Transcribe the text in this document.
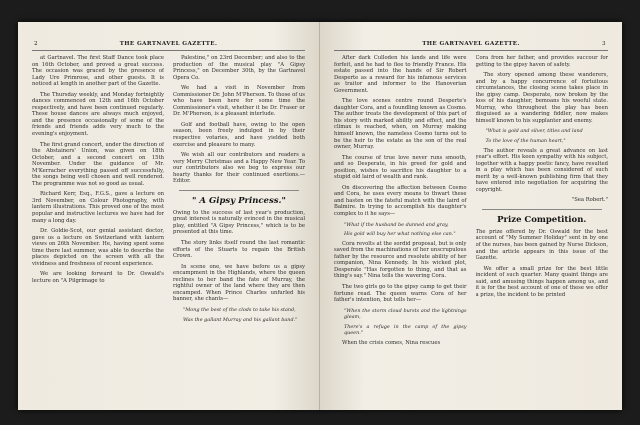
2	THE GARTNAVEL GAZETTE.

at Gartnavel. The first Staff Dance took place on 16th October, and proved a great success. The occasion was graced by the presence of Lady Ure Primrose, and other guests. It is noticed at length in another part of the Gazette.

The Thursday weekly, and Monday fortnightly dances commenced on 12th and 16th October respectively, and have been continued regularly. These house dances are always much enjoyed, and the presence occasionally of some of the friends and friends adds very much to the evening's enjoyment.

The first grand concert, under the direction of the Abstainers' Union, was given on 18th October, and a second concert on 15th November. Under the guidance of Mr. M'Kerracher everything passed off successfully, the songs being well chosen and well rendered. The programme was not so good as usual.

Richard Kerr, Esq., F.G.S., gave a lecture on 3rd November, on Colour Photography, with lantern illustrations. This proved one of the most popular and instructive lectures we have had for many a long day.

Dr. Goldie-Scot, our genial assistant doctor, gave us a lecture on Switzerland with lantern views on 26th November. He, having spent some time there last summer, was able to describe the places depicted on the screen with all the vividness and freshness of recent experience.

We are looking forward to Dr. Oswald's lecture on "A Pilgrimage to

Palestine," on 23rd December; and also to the production of the musical play "A Gipsy Princess," on December 30th, by the Gartnavel Opera Co.

We had a visit in November from Commissioner Dr. John M'Pherson. To those of us who have been here for some time the Commissioner's visit, whether it be Dr. Fraser or Dr. M'Pherson, is a pleasant interlude.

Golf and football have, owing to the open season, been freely indulged in by their respective votaries, and have yielded both exercise and pleasure to many.

We wish all our contributors and readers a very Merry Christmas and a Happy New Year. To our contributors also we beg to express our hearty thanks for their continued exertions.—Editor.

" A Gipsy Princess."

Owing to the success of last year's production, great interest is naturally evinced in the musical play, entitled "A Gipsy Princess," which is to be presented at this time.

The story links itself round the last romantic efforts of the Stuarts to regain the British Crown.

In scene one, we have before us a gipsy encampment in the Highlands, where the queen reclines to her band the fate of Murray, the rightful owner of the land where they are then encamped. When Prince Charles unfurled his banner, she chants—

"Mong the best of the clods to take his stand,

Was the gallant Murray and his gallant band."

THE GARTNAVEL GAZETTE.	3

After dark Culloden his lands and life were forfeit, and he had to flee to friendly France. His estate passed into the hands of Sir Robert Desperte as a reward for his infamous services as traitor and informer to the Hanoverian Government.

The love scenes centre round Desperte's daughter Cora, and a foundling known as Cosmo. The author treats the development of this part of his story with marked ability and effect, and the climax is reached, when, on Murray making himself known, the nameless Cosmo turns out to be the heir to the estate as the son of the real owner, Murray.

The course of true love never runs smooth, and so Desperate, in his greed for gold and position, wishes to sacrifice his daughter to a stupid old laird of wealth and rank.

On discovering the affection between Cosmo and Cora, he uses every means to thwart these and hasten on the fateful match with the laird of Balmire. In trying to accomplish his daughter's complex to it he says—

"What if the husband be dunned and gray,

His gold will buy her what nothing else can."

Cora revolts at the sordid proposal, but is only saved from the machinations of her unscrupulous father by the resource and resolute ability of her companion, Nina Kennedy. In his wicked plot, Desperate "Has forgotten to thing, and that as thing's say." Nina tells the wavering Cora.

The two girls go to the gipsy camp to get their fortune read. The queen warns Cora of her father's intention, but tells her—

"When the storm cloud bursts and the lightnings gleam,

There's a refuge in the camp of the gipsy queen."

When the crisis comes, Nina rescues

Cora from her father, and provides succour for getting to the gipsy haven of safety.

The story opened among these wanderers, and by a happy concurrence of fortuitous circumstances, the closing scene takes place in the gipsy camp. Desperate, now broken by the loss of his daughter, bemoans his woeful state. Murray, who throughout the play has been disguised as a wandering fiddler, now makes himself known to his supplanter and enemy.

"What is gold and silver, titles and land

To the love of the human heart,"

The author reveals a great advance on last year's effort. His keen sympathy with his subject, together with a happy poetic fancy, have resulted in a play which has been considered of such merit by a well-known publishing firm that they have entered into negotiation for acquiring the copyright.

"Sea Robert."

Prize Competition.

The prize offered by Dr. Oswald for the best account of "My Summer Holiday" sent in by one of the nurses, has been gained by Nurse Dickson, and the article appears in this issue of the Gazette.

We offer a small prize for the best little incident of such quarter. Many quaint things are said, and amusing things happen among us, and it is for the best account of one of these we offer a prize, the incident to be printed
